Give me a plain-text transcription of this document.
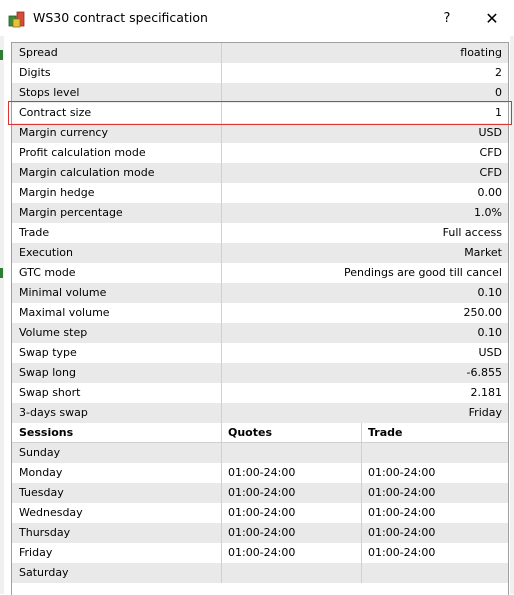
WS30 contract specification	?	✕
Spread	floating
Digits	2
Stops level	0
Contract size	1
Margin currency	USD
Profit calculation mode	CFD
Margin calculation mode	CFD
Margin hedge	0.00
Margin percentage	1.0%
Trade	Full access
Execution	Market
GTC mode	Pendings are good till cancel
Minimal volume	0.10
Maximal volume	250.00
Volume step	0.10
Swap type	USD
Swap long	-6.855
Swap short	2.181
3-days swap	Friday
Sessions	Quotes	Trade
Sunday
Monday	01:00-24:00	01:00-24:00
Tuesday	01:00-24:00	01:00-24:00
Wednesday	01:00-24:00	01:00-24:00
Thursday	01:00-24:00	01:00-24:00
Friday	01:00-24:00	01:00-24:00
Saturday
